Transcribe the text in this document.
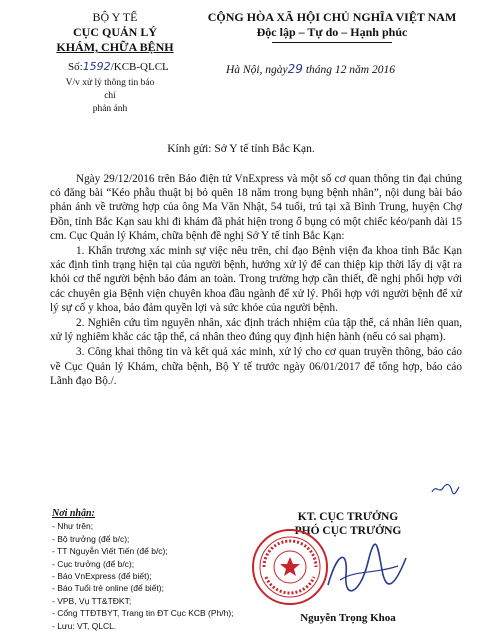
BỘ Y TẾ
CỤC QUẢN LÝ
KHÁM, CHỮA BỆNH
Số:1592/KCB-QLCL
V/v xử lý thông tin báo chí
phản ánh
CỘNG HÒA XÃ HỘI CHỦ NGHĨA VIỆT NAM
Độc lập – Tự do – Hạnh phúc
Hà Nội, ngày29 tháng 12 năm 2016
Kính gửi: Sở Y tế tỉnh Bắc Kạn.

Ngày 29/12/2016 trên Báo điện tử VnExpress và một số cơ quan thông tin đại chúng có đăng bài “Kéo phẫu thuật bị bỏ quên 18 năm trong bụng bệnh nhân”, nội dung bài báo phản ánh về trường hợp của ông Ma Văn Nhật, 54 tuổi, trú tại xã Bình Trung, huyện Chợ Đồn, tỉnh Bắc Kạn sau khi đi khám đã phát hiện trong ổ bụng có một chiếc kéo/panh dài 15 cm. Cục Quản lý Khám, chữa bệnh đề nghị Sở Y tế tỉnh Bắc Kạn:

1. Khẩn trương xác minh sự việc nêu trên, chỉ đạo Bệnh viện đa khoa tỉnh Bắc Kạn xác định tình trạng hiện tại của người bệnh, hướng xử lý để can thiệp kịp thời lấy dị vật ra khỏi cơ thể người bệnh bảo đảm an toàn. Trong trường hợp cần thiết, đề nghị phối hợp với các chuyên gia Bệnh viện chuyên khoa đầu ngành để xử lý. Phối hợp với người bệnh để xử lý sự cố y khoa, bảo đảm quyền lợi và sức khỏe của người bệnh.

2. Nghiên cứu tìm nguyên nhân, xác định trách nhiệm của tập thể, cá nhân liên quan, xử lý nghiêm khắc các tập thể, cá nhân theo đúng quy định hiện hành (nếu có sai phạm).

3. Công khai thông tin và kết quả xác minh, xử lý cho cơ quan truyền thông, báo cáo về Cục Quản lý Khám, chữa bệnh, Bộ Y tế trước ngày 06/01/2017 để tổng hợp, báo cáo Lãnh đạo Bộ./.

Nơi nhận:
- Như trên;
- Bộ trưởng (để b/c);
- TT Nguyễn Viết Tiến (để b/c);
- Cục trưởng (để b/c);
- Báo VnExpress (để biết);
- Báo Tuổi trẻ online (để biết);
- VPB, Vụ TT&TĐKT;
- Cổng TTĐTBYT, Trang tin ĐT Cục KCB (Ph/h);
- Lưu: VT, QLCL.
KT. CỤC TRƯỞNG
PHÓ CỤC TRƯỞNG
Nguyễn Trọng Khoa
